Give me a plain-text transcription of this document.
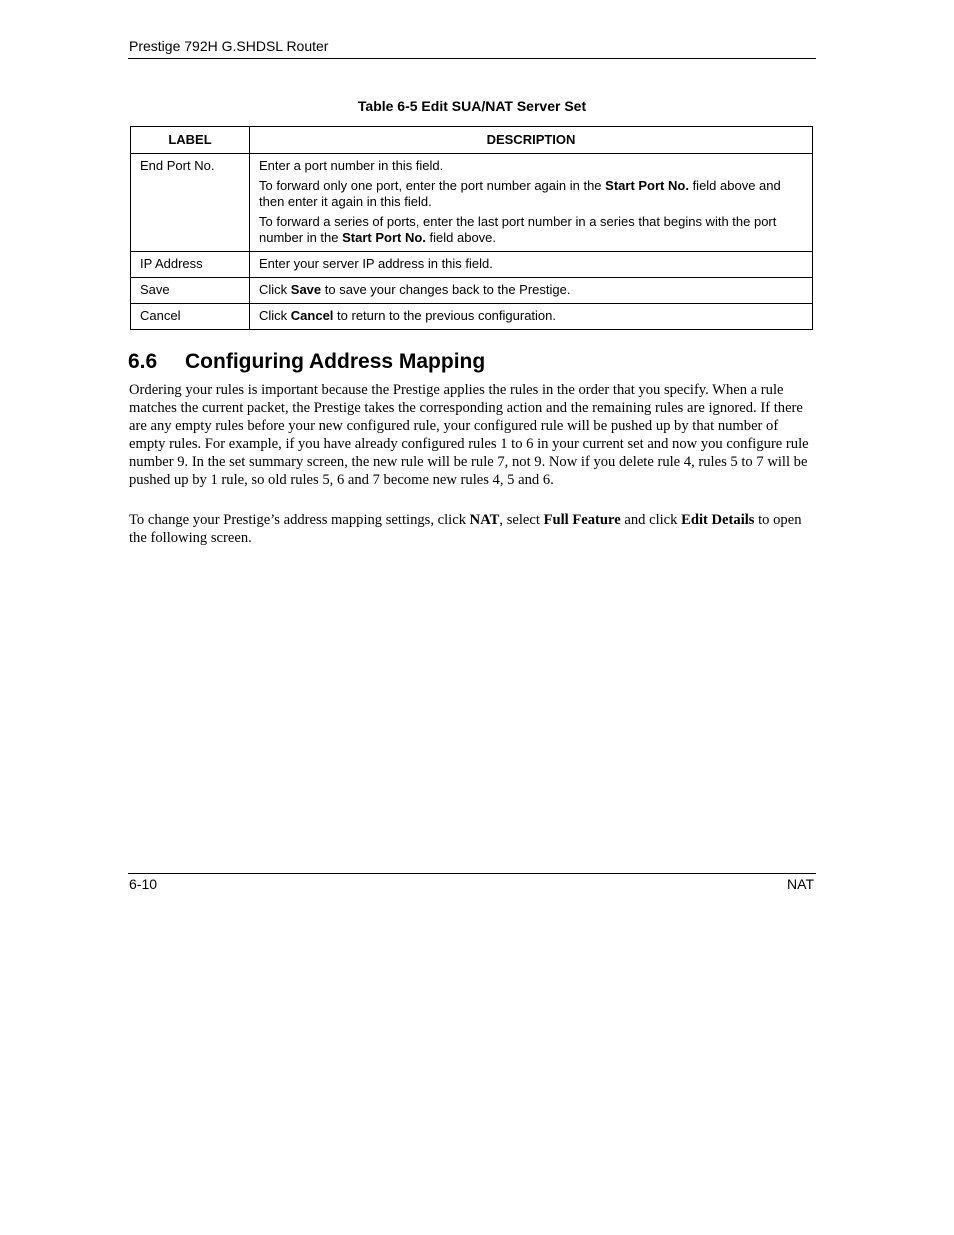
Prestige 792H G.SHDSL Router
Table 6-5 Edit SUA/NAT Server Set
LABEL	DESCRIPTION
End Port No.	Enter a port number in this field.

To forward only one port, enter the port number again in the Start Port No. field above and then enter it again in this field.

To forward a series of ports, enter the last port number in a series that begins with the port number in the Start Port No. field above.

IP Address	Enter your server IP address in this field.
Save	Click Save to save your changes back to the Prestige.
Cancel	Click Cancel to return to the previous configuration.
6.6 Configuring Address Mapping

Ordering your rules is important because the Prestige applies the rules in the order that you specify. When a rule matches the current packet, the Prestige takes the corresponding action and the remaining rules are ignored. If there are any empty rules before your new configured rule, your configured rule will be pushed up by that number of empty rules. For example, if you have already configured rules 1 to 6 in your current set and now you configure rule number 9. In the set summary screen, the new rule will be rule 7, not 9. Now if you delete rule 4, rules 5 to 7 will be pushed up by 1 rule, so old rules 5, 6 and 7 become new rules 4, 5 and 6.

To change your Prestige’s address mapping settings, click NAT, select Full Feature and click Edit Details to open the following screen.

6-10	NAT
